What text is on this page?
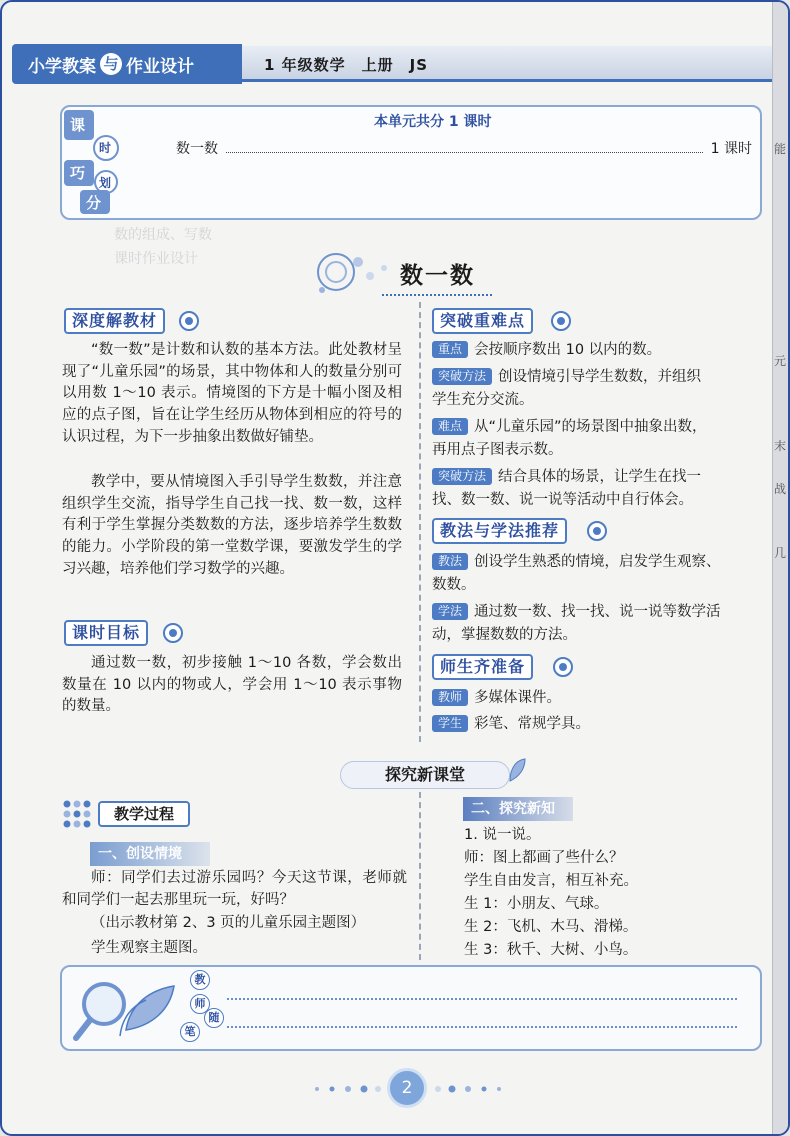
能
元
末
战
几
小学教案 与 作业设计	1 年级数学　上册　JS
数的组成、写数
课时作业设计
课
时
巧
划
分
本单元共分 1 课时
数一数	1 课时
数一数
深度解教材
“数一数”是计数和认数的基本方法。此处教材呈现了“儿童乐园”的场景，其中物体和人的数量分别可以用数 1～10 表示。情境图的下方是十幅小图及相应的点子图，旨在让学生经历从物体到相应的符号的认识过程，为下一步抽象出数做好铺垫。
教学中，要从情境图入手引导学生数数，并注意组织学生交流，指导学生自己找一找、数一数，这样有利于学生掌握分类数数的方法，逐步培养学生数数的能力。小学阶段的第一堂数学课，要激发学生的学习兴趣，培养他们学习数学的兴趣。
课时目标
通过数一数，初步接触 1～10 各数，学会数出数量在 10 以内的物或人，学会用 1～10 表示事物的数量。
突破重难点
重点 会按顺序数出 10 以内的数。
突破方法 创设情境引导学生数数，并组织
学生充分交流。
难点 从“儿童乐园”的场景图中抽象出数，
再用点子图表示数。
突破方法 结合具体的场景，让学生在找一
找、数一数、说一说等活动中自行体会。
教法与学法推荐
教法 创设学生熟悉的情境，启发学生观察、
数数。
学法 通过数一数、找一找、说一说等数学活
动，掌握数数的方法。
师生齐准备
教师 多媒体课件。
学生 彩笔、常规学具。
探究新课堂
教学过程
一、创设情境
师：同学们去过游乐园吗？今天这节课，老师就和同学们一起去那里玩一玩，好吗？
（出示教材第 2、3 页的儿童乐园主题图）
学生观察主题图。
二、探究新知
1. 说一说。
师：图上都画了些什么？
学生自由发言，相互补充。
生 1：小朋友、气球。
生 2：飞机、木马、滑梯。
生 3：秋千、大树、小鸟。
教
师
随
笔
2
